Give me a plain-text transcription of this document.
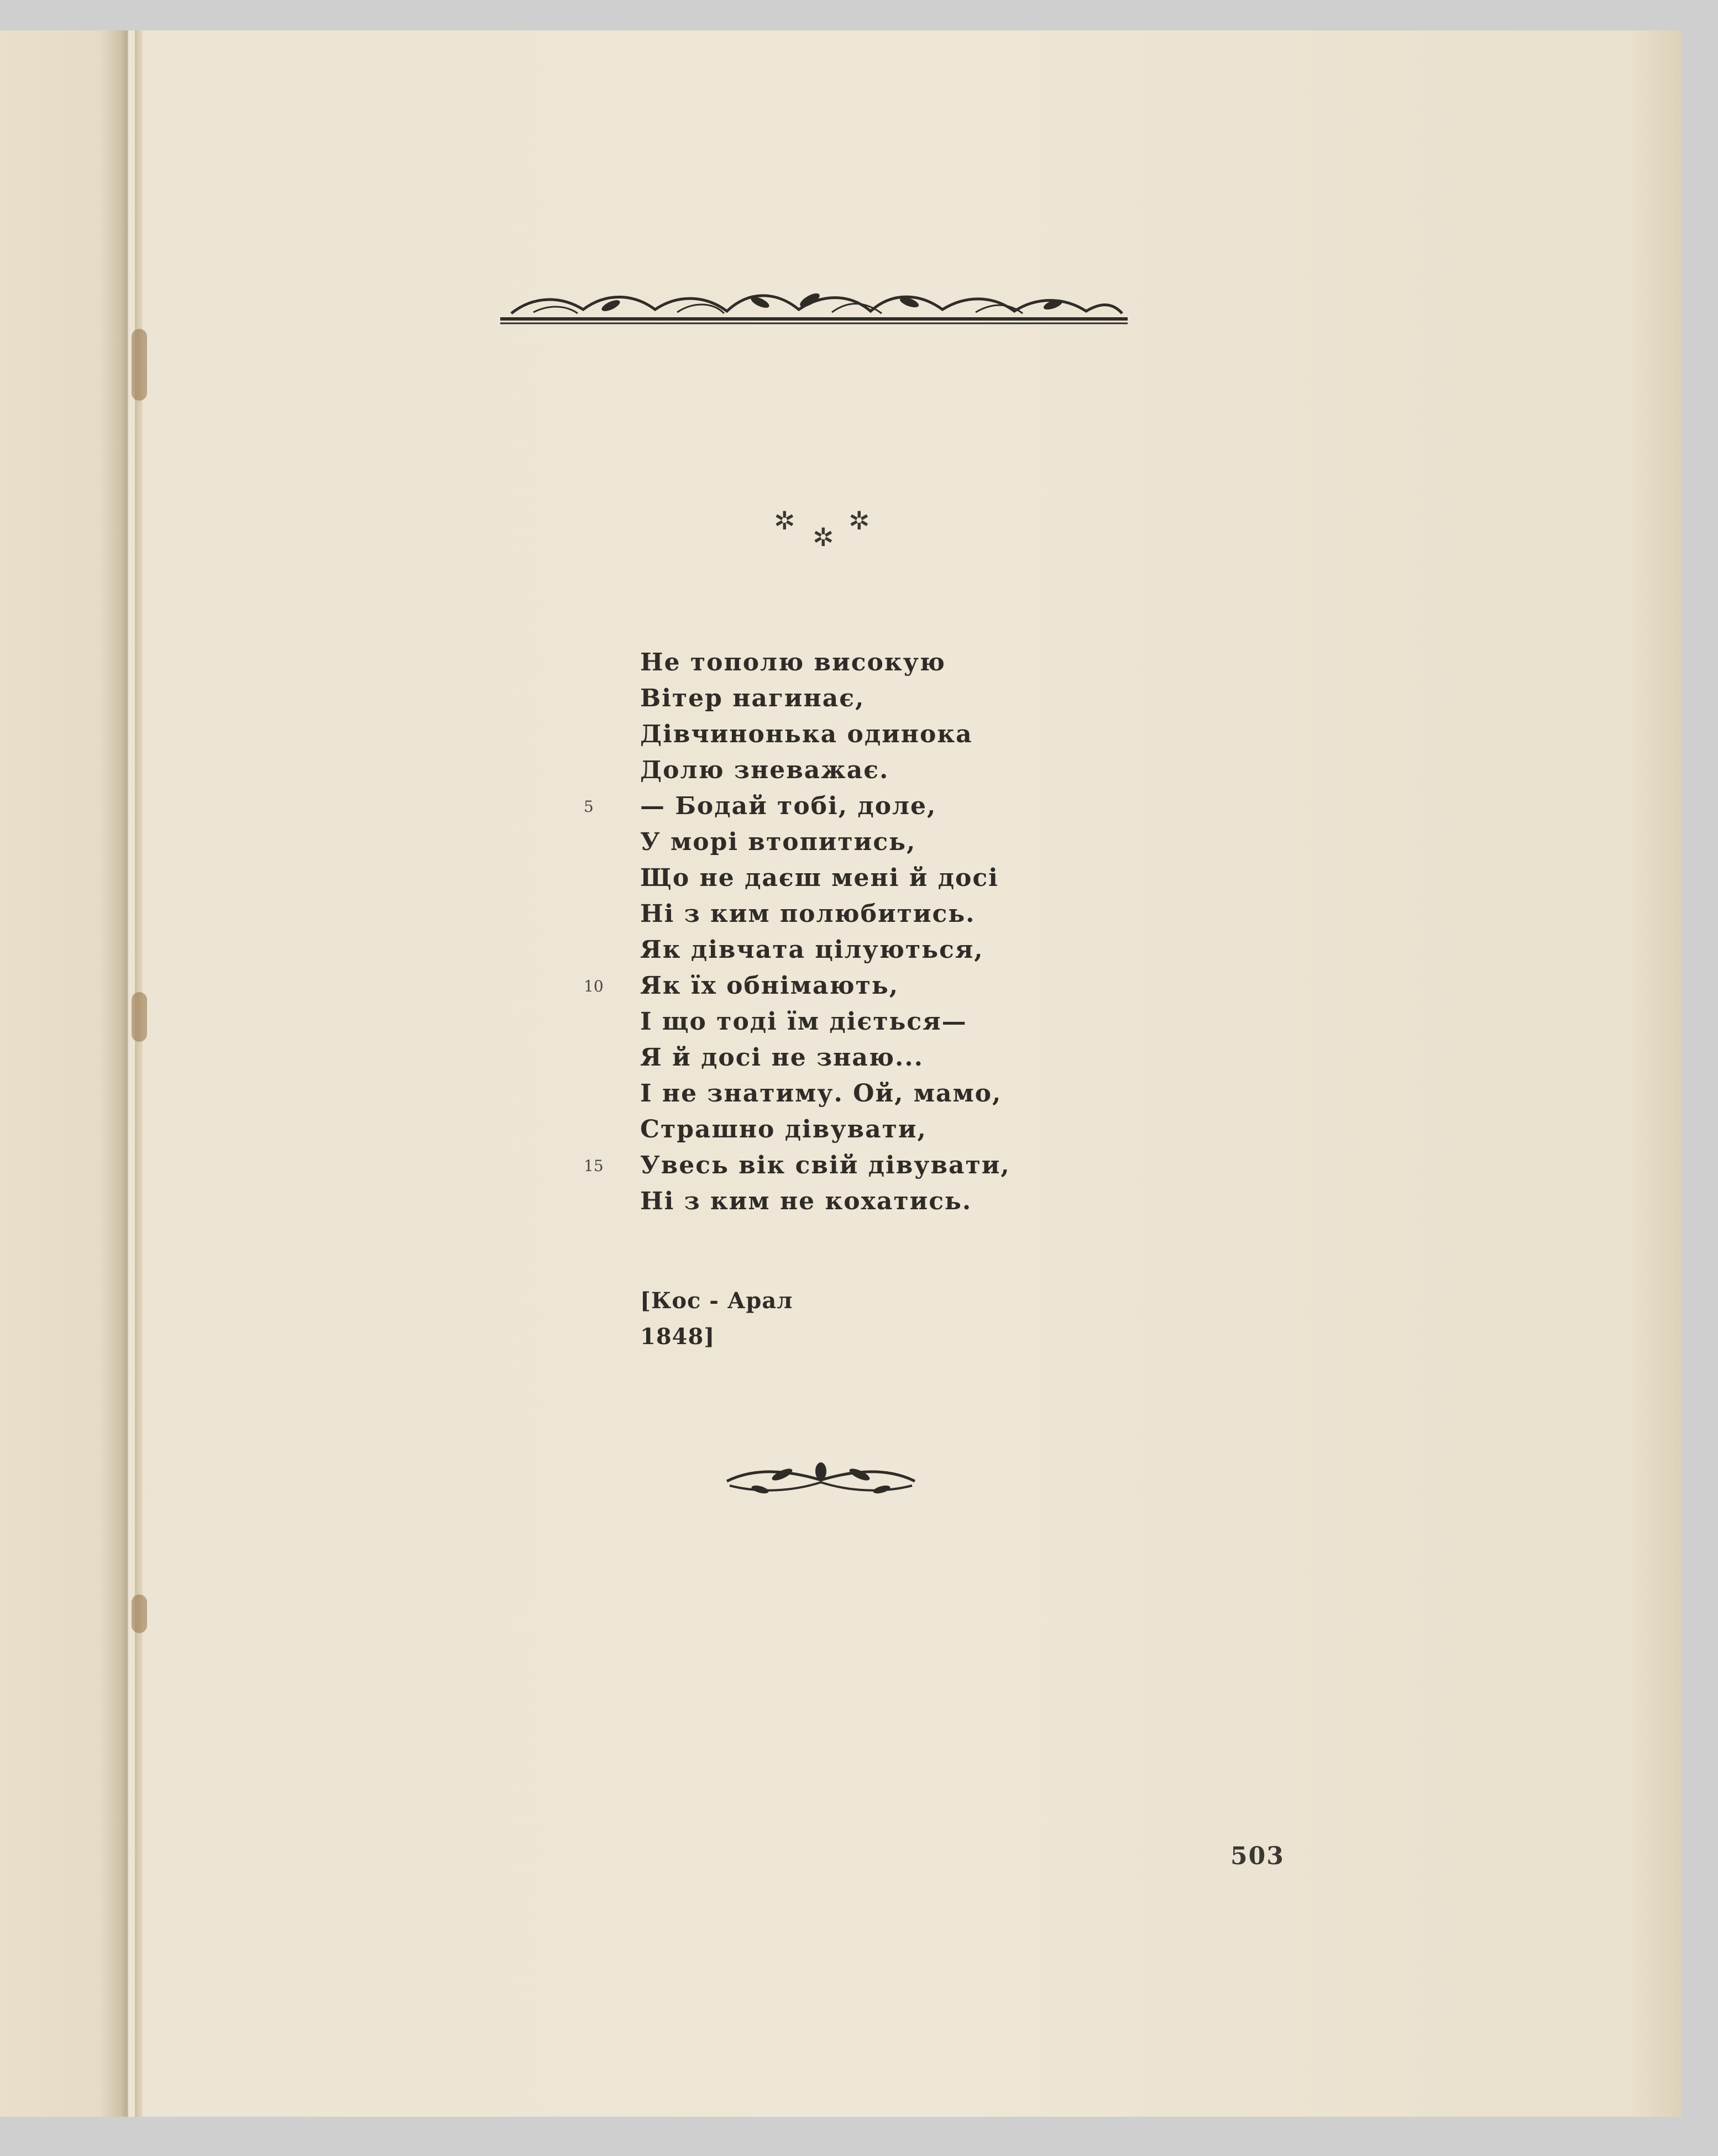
✲
✲
✲
Не тополю високую
Вітер нагинає,
Дівчинонька одинока
Долю зневажає.
— Бодай тобі, доле,
5
У морі втопитись,
Що не даєш мені й досі
Ні з ким полюбитись.
Як дівчата цілуються,
Як їх обнімають,
10
І що тоді їм діється—
Я й досі не знаю...
І не знатиму. Ой, мамо,
Страшно дівувати,
Увесь вік свій дівувати,
15
Ні з ким не кохатись.
[Кос - Арал
1848]
503
